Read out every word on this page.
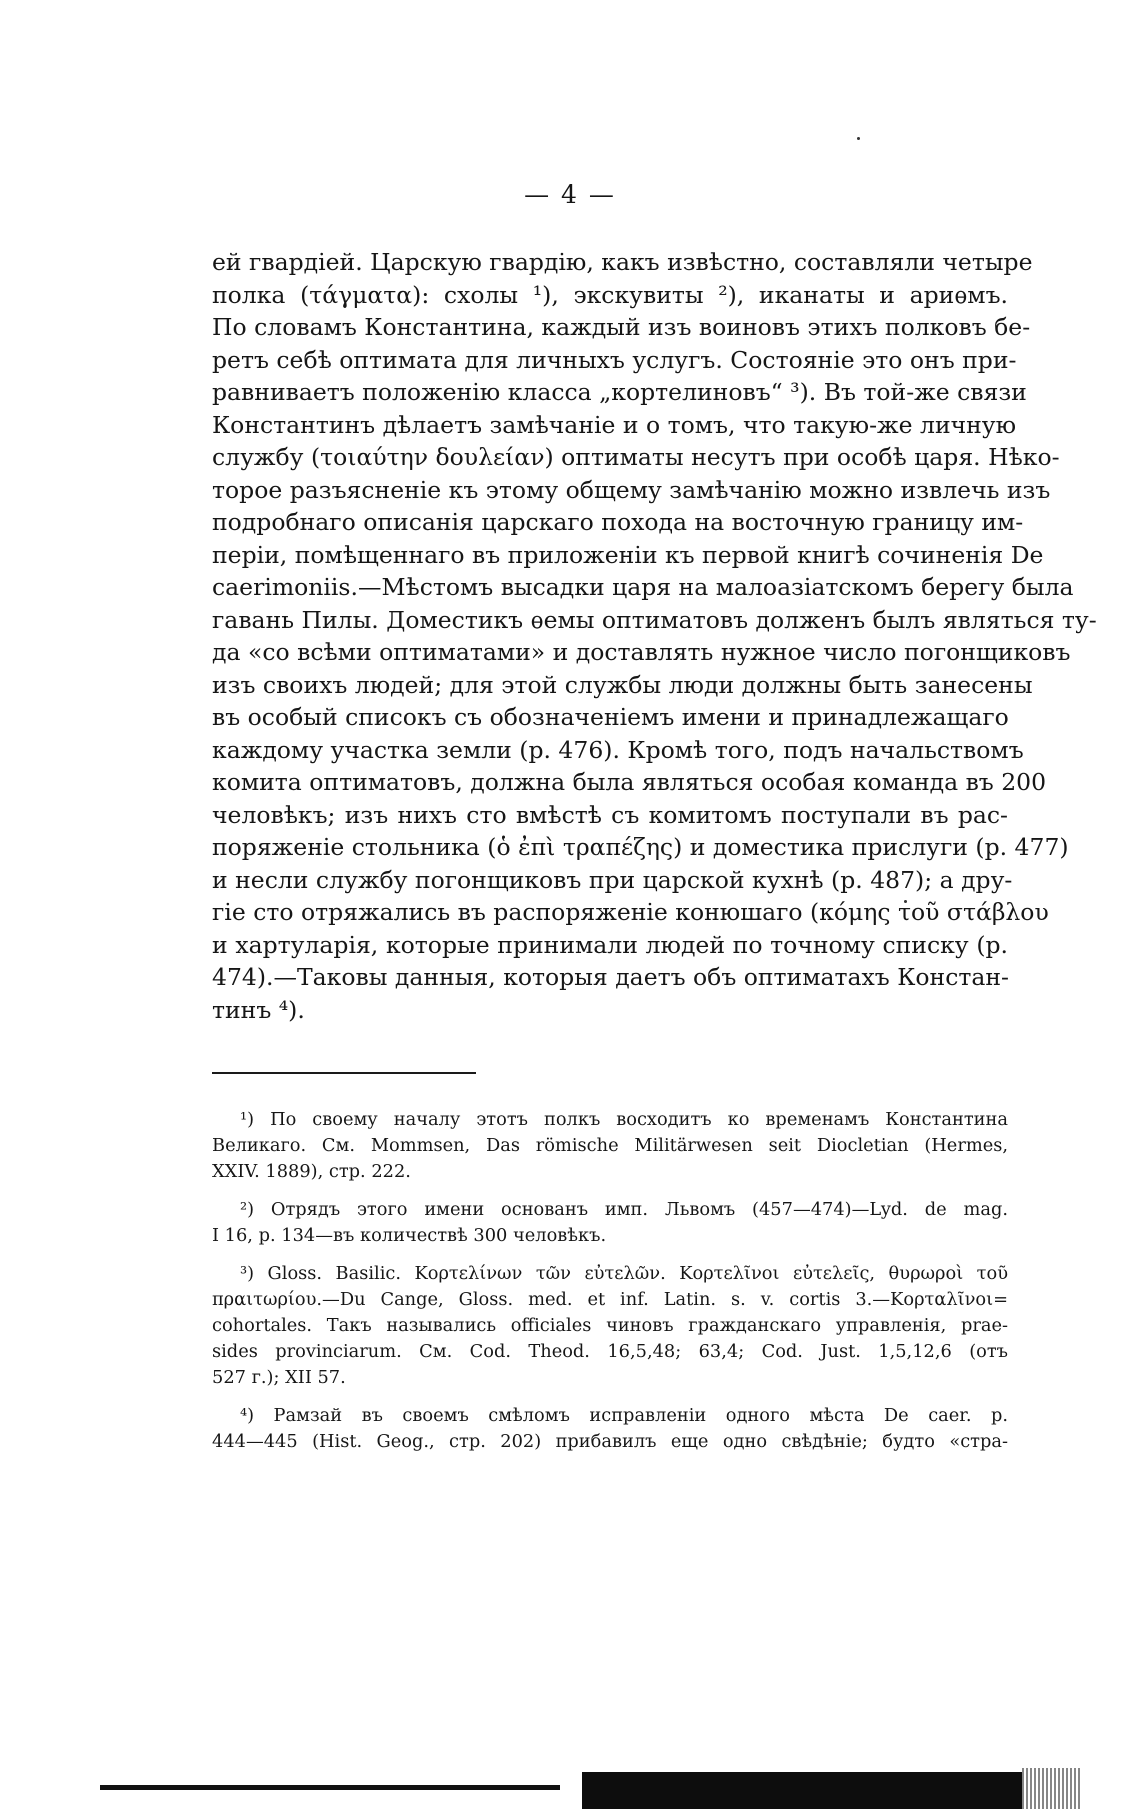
— 4 —
ей гвардіей. Царскую гвардію, какъ извѣстно, составляли четыре
полка (τάγματα): схолы ¹), экскувиты ²), иканаты и ариѳмъ.
По словамъ Константина, каждый изъ воиновъ этихъ полковъ бе-
ретъ себѣ оптимата для личныхъ услугъ. Состояніе это онъ при-
равниваетъ положенію класса „кортелиновъ“ ³). Въ той-же связи
Константинъ дѣлаетъ замѣчаніе и о томъ, что такую-же личную
службу (τοιαύτην δουλείαν) оптиматы несутъ при особѣ царя. Нѣко-
торое разъясненіе къ этому общему замѣчанію можно извлечь изъ
подробнаго описанія царскаго похода на восточную границу им-
періи, помѣщеннаго въ приложеніи къ первой книгѣ сочиненія De
caerimoniis.—Мѣстомъ высадки царя на малоазіатскомъ берегу была
гавань Пилы. Доместикъ ѳемы оптиматовъ долженъ былъ являться ту-
да «со всѣми оптиматами» и доставлять нужное число погонщиковъ
изъ своихъ людей; для этой службы люди должны быть занесены
въ особый списокъ съ обозначеніемъ имени и принадлежащаго
каждому участка земли (р. 476). Кромѣ того, подъ начальствомъ
комита оптиматовъ, должна была являться особая команда въ 200
человѣкъ; изъ нихъ сто вмѣстѣ съ комитомъ поступали въ рас-
поряженіе стольника (ὁ ἐπὶ τραπέζης) и доместика прислуги (р. 477)
и несли службу погонщиковъ при царской кухнѣ (р. 487); а дру-
гіе сто отряжались въ распоряженіе конюшаго (κόμης τοῦ στάβλου
и хартуларія, которые принимали людей по точному списку (р.
474).—Таковы данныя, которыя даетъ объ оптиматахъ Констан-
тинъ ⁴).
¹) По своему началу этотъ полкъ восходитъ ко временамъ Константина
Великаго. См. Mommsen, Das römische Militärwesen seit Diocletian (Hermes,
XXIV. 1889), стр. 222.
²) Отрядъ этого имени основанъ имп. Львомъ (457—474)—Lyd. de mag.
I 16, p. 134—въ количествѣ 300 человѣкъ.
³) Gloss. Basilic. Κορτελίνων τῶν εὐτελῶν. Κορτελῖνοι εὐτελεῖς, θυρωροὶ τοῦ
πραιτωρίου.—Du Cange, Gloss. med. et inf. Latin. s. v. cortis 3.—Κορταλῖνοι=
cohortales. Такъ назывались officiales чиновъ гражданскаго управленія, prae-
sides provinciarum. См. Cod. Theod. 16,5,48; 63,4; Cod. Just. 1,5,12,6 (отъ
527 г.); XII 57.
⁴) Рамзай въ своемъ смѣломъ исправленіи одного мѣста De caer. p.
444—445 (Hist. Geog., стр. 202) прибавилъ еще одно свѣдѣніе; будто «стра-
